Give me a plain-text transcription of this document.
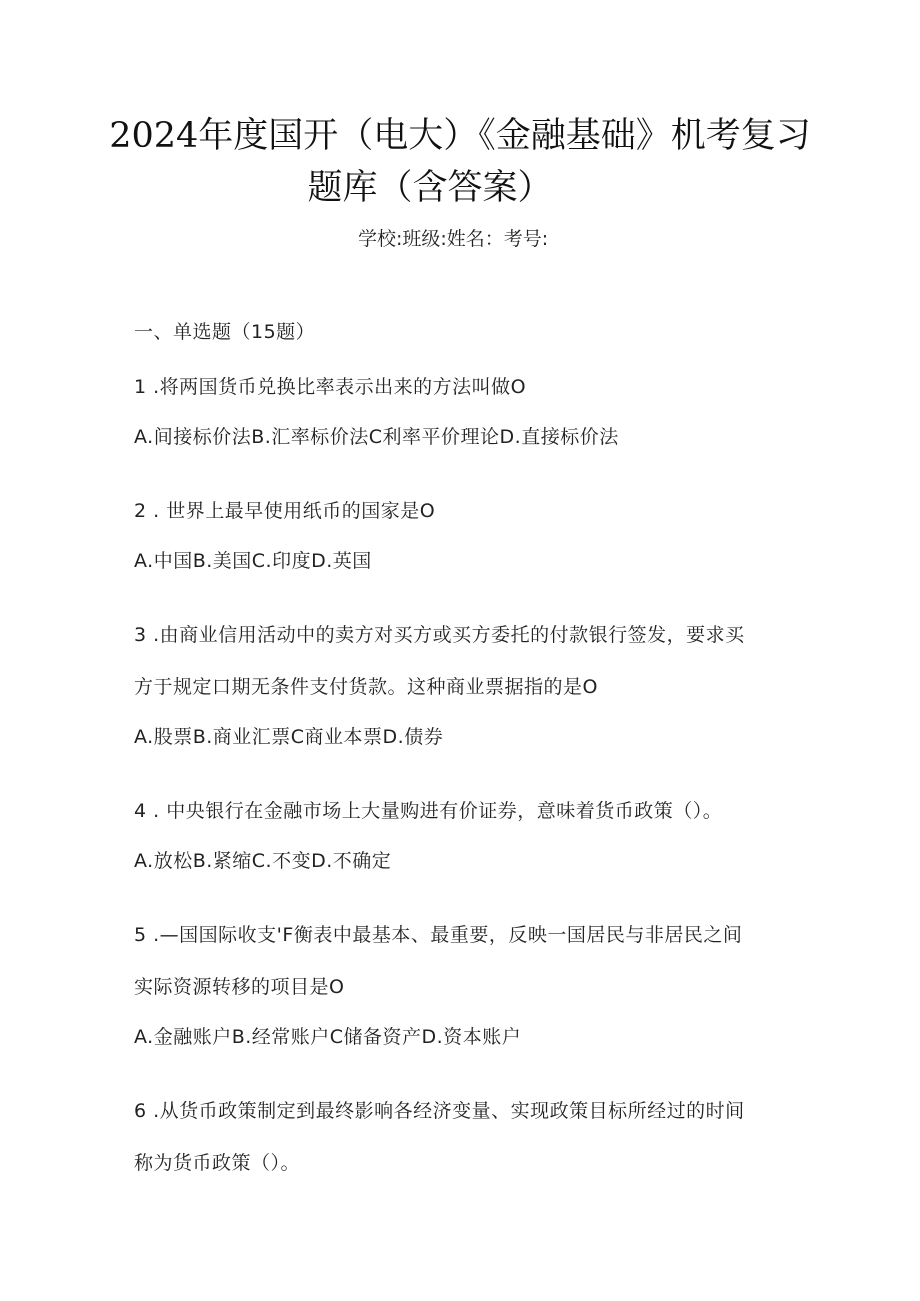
2024年度国开（电大）《金融基础》机考复习
题库（含答案）
学校:班级:姓名：考号:
一、单选题（15题）
1 .将两国货币兑换比率表示出来的方法叫做O
A.间接标价法B.汇率标价法C利率平价理论D.直接标价法
2 . 世界上最早使用纸币的国家是O
A.中国B.美国C.印度D.英国
3 .由商业信用活动中的卖方对买方或买方委托的付款银行签发，要求买
方于规定口期无条件支付货款。这种商业票据指的是O
A.股票B.商业汇票C商业本票D.债券
4 . 中央银行在金融市场上大量购进有价证券，意味着货币政策（）。
A.放松B.紧缩C.不变D.不确定
5 .—国国际收支'F衡表中最基本、最重要，反映一国居民与非居民之间
实际资源转移的项目是O
A.金融账户B.经常账户C储备资产D.资本账户
6 .从货币政策制定到最终影响各经济变量、实现政策目标所经过的时间
称为货币政策（）。
